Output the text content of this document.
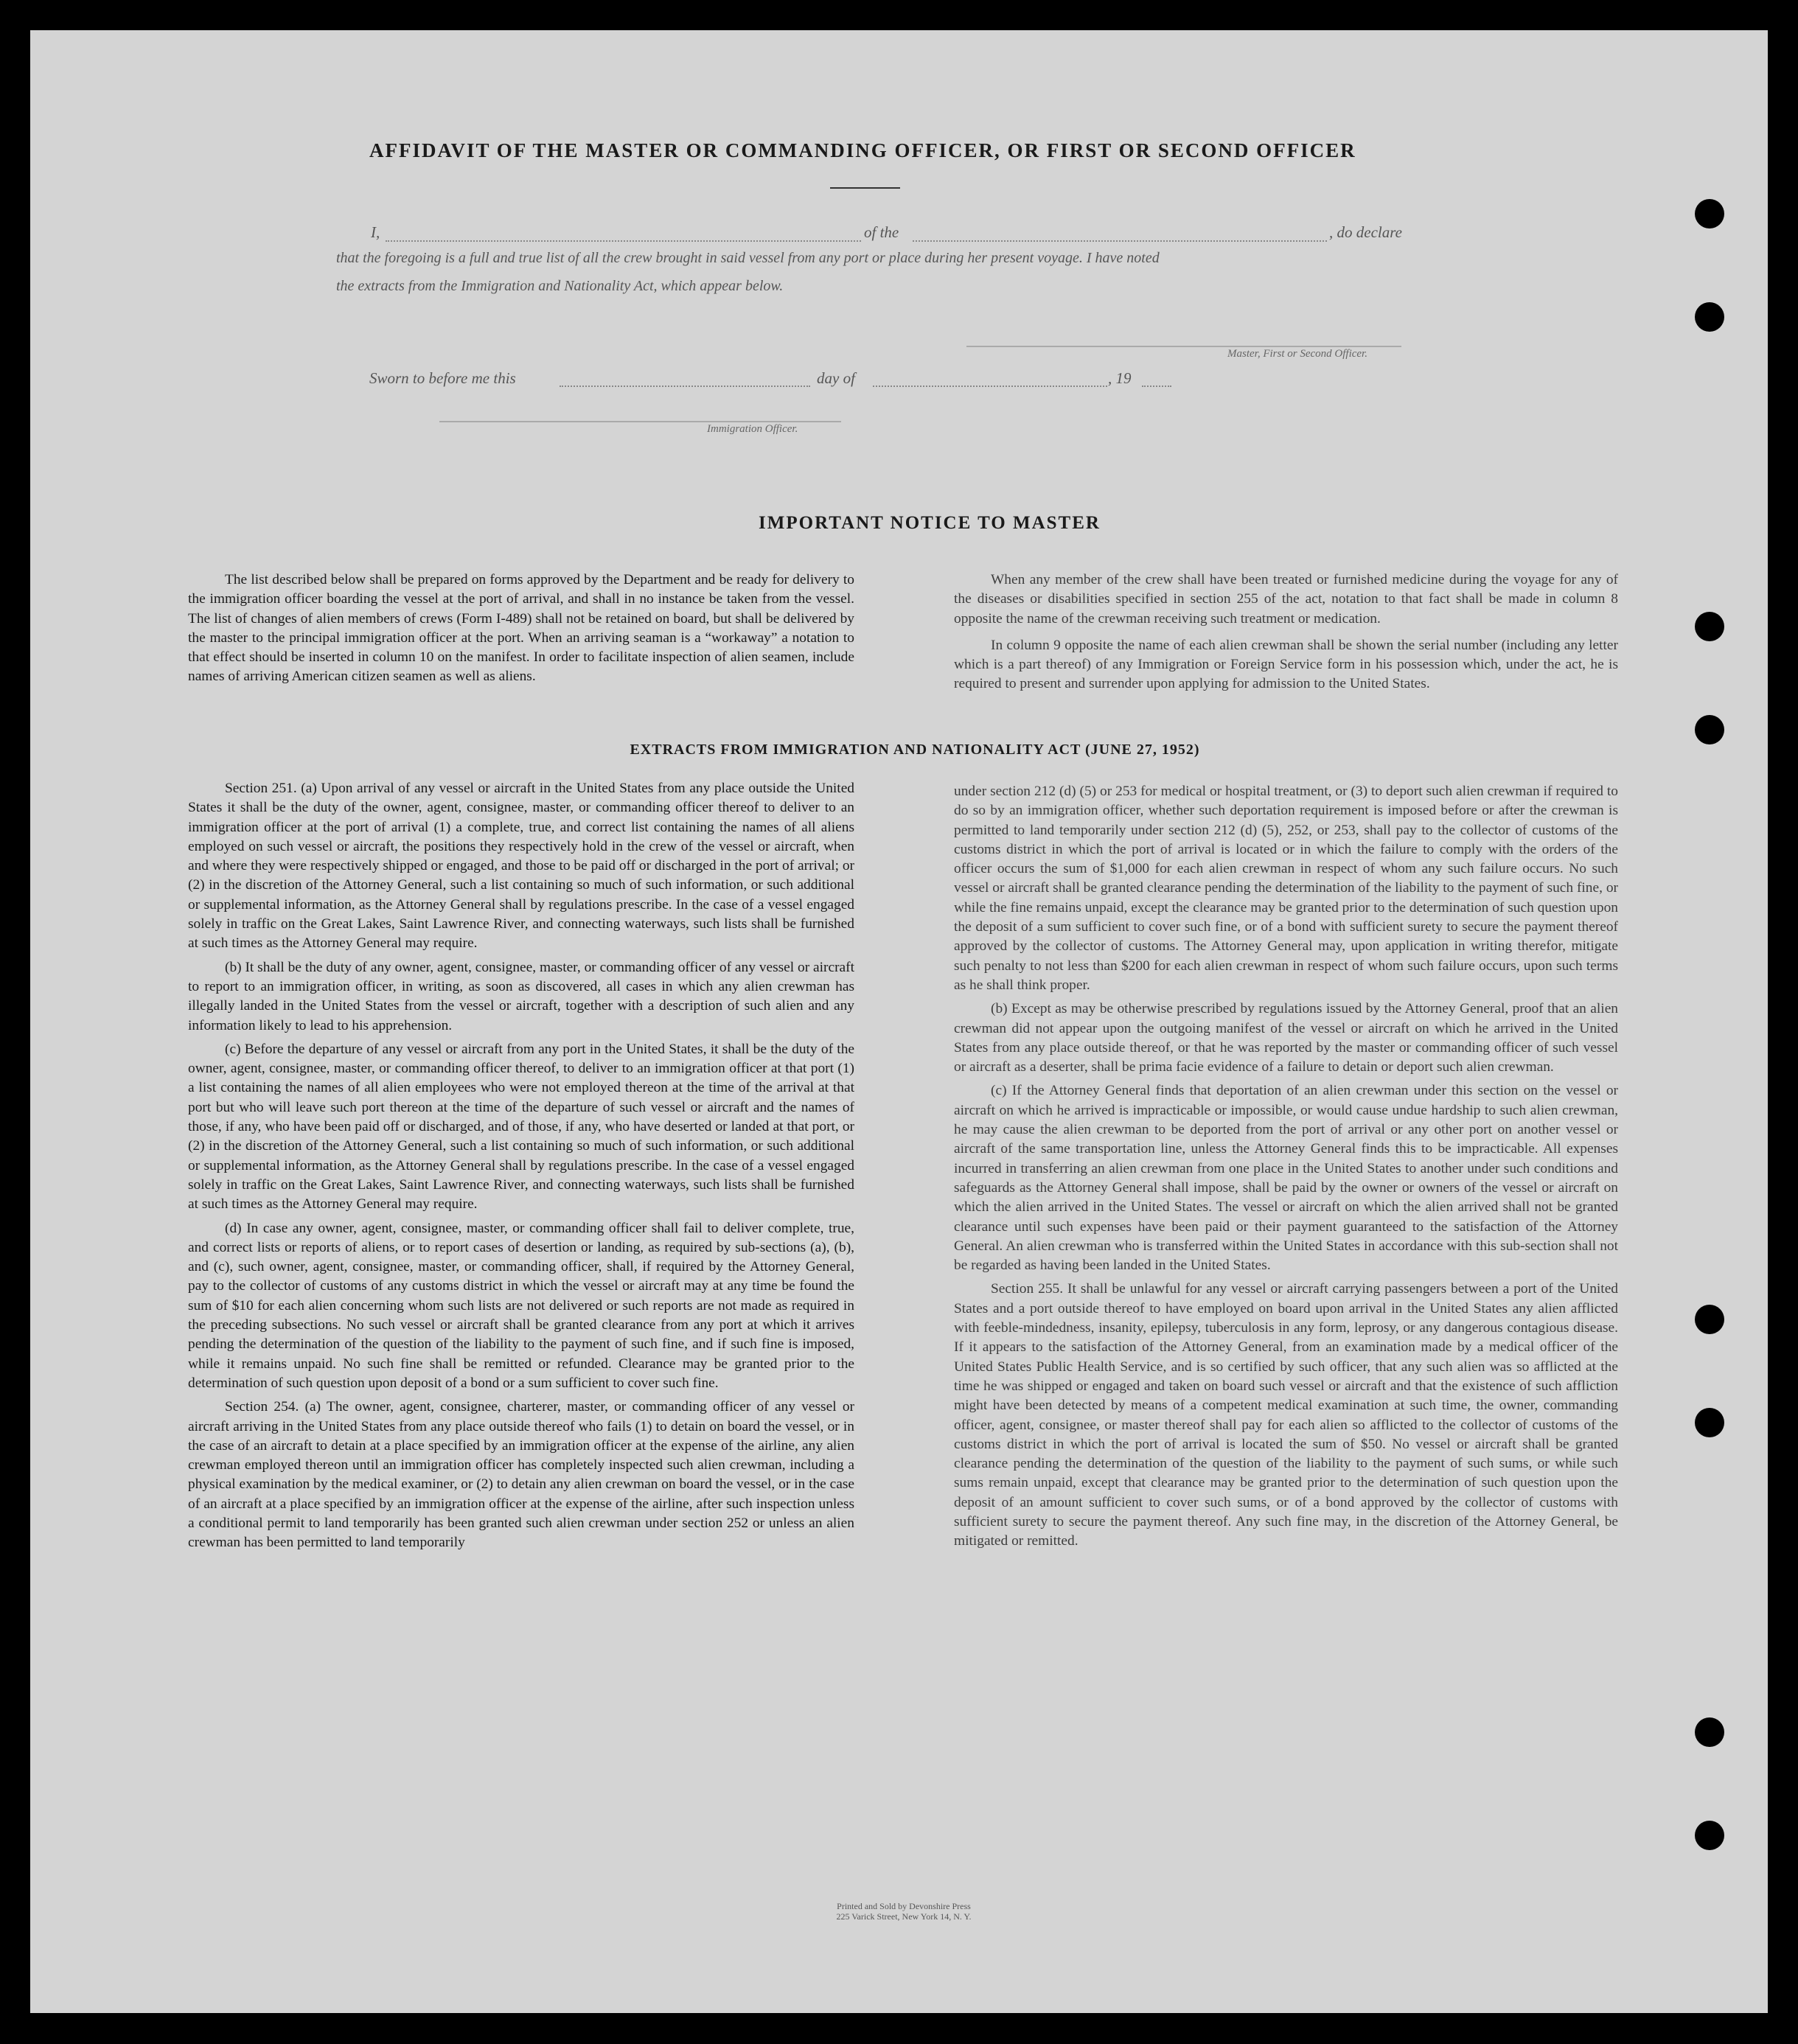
AFFIDAVIT OF THE MASTER OR COMMANDING OFFICER, OR FIRST OR SECOND OFFICER
I,	of the	, do declare
that the foregoing is a full and true list of all the crew brought in said vessel from any port or place during her present voyage. I have noted
the extracts from the Immigration and Nationality Act, which appear below.
Master, First or Second Officer.
Sworn to before me this	day of	, 19
Immigration Officer.
IMPORTANT NOTICE TO MASTER

The list described below shall be prepared on forms approved by the Department and be ready for delivery to the immigration officer boarding the vessel at the port of arrival, and shall in no instance be taken from the vessel. The list of changes of alien members of crews (Form I-489) shall not be retained on board, but shall be delivered by the master to the principal immigration officer at the port. When an arriving seaman is a “workaway” a notation to that effect should be inserted in column 10 on the manifest. In order to facilitate inspection of alien seamen, include names of arriving American citizen seamen as well as aliens.

When any member of the crew shall have been treated or furnished medicine during the voyage for any of the diseases or disabilities specified in section 255 of the act, notation to that fact shall be made in column 8 opposite the name of the crewman receiving such treatment or medication.

In column 9 opposite the name of each alien crewman shall be shown the serial number (including any letter which is a part thereof) of any Immigration or Foreign Service form in his possession which, under the act, he is required to present and surrender upon applying for admission to the United States.

EXTRACTS FROM IMMIGRATION AND NATIONALITY ACT (JUNE 27, 1952)

Section 251. (a) Upon arrival of any vessel or aircraft in the United States from any place outside the United States it shall be the duty of the owner, agent, consignee, master, or commanding officer thereof to deliver to an immigration officer at the port of arrival (1) a complete, true, and correct list containing the names of all aliens employed on such vessel or aircraft, the positions they respectively hold in the crew of the vessel or aircraft, when and where they were respectively shipped or engaged, and those to be paid off or discharged in the port of arrival; or (2) in the discretion of the Attorney General, such a list containing so much of such information, or such additional or supplemental information, as the Attorney General shall by regulations prescribe. In the case of a vessel engaged solely in traffic on the Great Lakes, Saint Lawrence River, and connecting waterways, such lists shall be furnished at such times as the Attorney General may require.

(b) It shall be the duty of any owner, agent, consignee, master, or commanding officer of any vessel or aircraft to report to an immigration officer, in writing, as soon as discovered, all cases in which any alien crewman has illegally landed in the United States from the vessel or aircraft, together with a description of such alien and any information likely to lead to his apprehension.

(c) Before the departure of any vessel or aircraft from any port in the United States, it shall be the duty of the owner, agent, consignee, master, or commanding officer thereof, to deliver to an immigration officer at that port (1) a list containing the names of all alien employees who were not employed thereon at the time of the arrival at that port but who will leave such port thereon at the time of the departure of such vessel or aircraft and the names of those, if any, who have been paid off or discharged, and of those, if any, who have deserted or landed at that port, or (2) in the discretion of the Attorney General, such a list containing so much of such information, or such additional or supplemental information, as the Attorney General shall by regulations prescribe. In the case of a vessel engaged solely in traffic on the Great Lakes, Saint Lawrence River, and connecting waterways, such lists shall be furnished at such times as the Attorney General may require.

(d) In case any owner, agent, consignee, master, or commanding officer shall fail to deliver complete, true, and correct lists or reports of aliens, or to report cases of desertion or landing, as required by sub-sections (a), (b), and (c), such owner, agent, consignee, master, or commanding officer, shall, if required by the Attorney General, pay to the collector of customs of any customs district in which the vessel or aircraft may at any time be found the sum of $10 for each alien concerning whom such lists are not delivered or such reports are not made as required in the preceding subsections. No such vessel or aircraft shall be granted clearance from any port at which it arrives pending the determination of the question of the liability to the payment of such fine, and if such fine is imposed, while it remains unpaid. No such fine shall be remitted or refunded. Clearance may be granted prior to the determination of such question upon deposit of a bond or a sum sufficient to cover such fine.

Section 254. (a) The owner, agent, consignee, charterer, master, or commanding officer of any vessel or aircraft arriving in the United States from any place outside thereof who fails (1) to detain on board the vessel, or in the case of an aircraft to detain at a place specified by an immigration officer at the expense of the airline, any alien crewman employed thereon until an immigration officer has completely inspected such alien crewman, including a physical examination by the medical examiner, or (2) to detain any alien crewman on board the vessel, or in the case of an aircraft at a place specified by an immigration officer at the expense of the airline, after such inspection unless a conditional permit to land temporarily has been granted such alien crewman under section 252 or unless an alien crewman has been permitted to land temporarily

under section 212 (d) (5) or 253 for medical or hospital treatment, or (3) to deport such alien crewman if required to do so by an immigration officer, whether such deportation requirement is imposed before or after the crewman is permitted to land temporarily under section 212 (d) (5), 252, or 253, shall pay to the collector of customs of the customs district in which the port of arrival is located or in which the failure to comply with the orders of the officer occurs the sum of $1,000 for each alien crewman in respect of whom any such failure occurs. No such vessel or aircraft shall be granted clearance pending the determination of the liability to the payment of such fine, or while the fine remains unpaid, except the clearance may be granted prior to the determination of such question upon the deposit of a sum sufficient to cover such fine, or of a bond with sufficient surety to secure the payment thereof approved by the collector of customs. The Attorney General may, upon application in writing therefor, mitigate such penalty to not less than $200 for each alien crewman in respect of whom such failure occurs, upon such terms as he shall think proper.

(b) Except as may be otherwise prescribed by regulations issued by the Attorney General, proof that an alien crewman did not appear upon the outgoing manifest of the vessel or aircraft on which he arrived in the United States from any place outside thereof, or that he was reported by the master or commanding officer of such vessel or aircraft as a deserter, shall be prima facie evidence of a failure to detain or deport such alien crewman.

(c) If the Attorney General finds that deportation of an alien crewman under this section on the vessel or aircraft on which he arrived is impracticable or impossible, or would cause undue hardship to such alien crewman, he may cause the alien crewman to be deported from the port of arrival or any other port on another vessel or aircraft of the same transportation line, unless the Attorney General finds this to be impracticable. All expenses incurred in transferring an alien crewman from one place in the United States to another under such conditions and safeguards as the Attorney General shall impose, shall be paid by the owner or owners of the vessel or aircraft on which the alien arrived in the United States. The vessel or aircraft on which the alien arrived shall not be granted clearance until such expenses have been paid or their payment guaranteed to the satisfaction of the Attorney General. An alien crewman who is transferred within the United States in accordance with this sub-section shall not be regarded as having been landed in the United States.

Section 255. It shall be unlawful for any vessel or aircraft carrying passengers between a port of the United States and a port outside thereof to have employed on board upon arrival in the United States any alien afflicted with feeble-mindedness, insanity, epilepsy, tuberculosis in any form, leprosy, or any dangerous contagious disease. If it appears to the satisfaction of the Attorney General, from an examination made by a medical officer of the United States Public Health Service, and is so certified by such officer, that any such alien was so afflicted at the time he was shipped or engaged and taken on board such vessel or aircraft and that the existence of such affliction might have been detected by means of a competent medical examination at such time, the owner, commanding officer, agent, consignee, or master thereof shall pay for each alien so afflicted to the collector of customs of the customs district in which the port of arrival is located the sum of $50. No vessel or aircraft shall be granted clearance pending the determination of the question of the liability to the payment of such sums, or while such sums remain unpaid, except that clearance may be granted prior to the determination of such question upon the deposit of an amount sufficient to cover such sums, or of a bond approved by the collector of customs with sufficient surety to secure the payment thereof. Any such fine may, in the discretion of the Attorney General, be mitigated or remitted.

Printed and Sold by Devonshire Press
225 Varick Street, New York 14, N. Y.
